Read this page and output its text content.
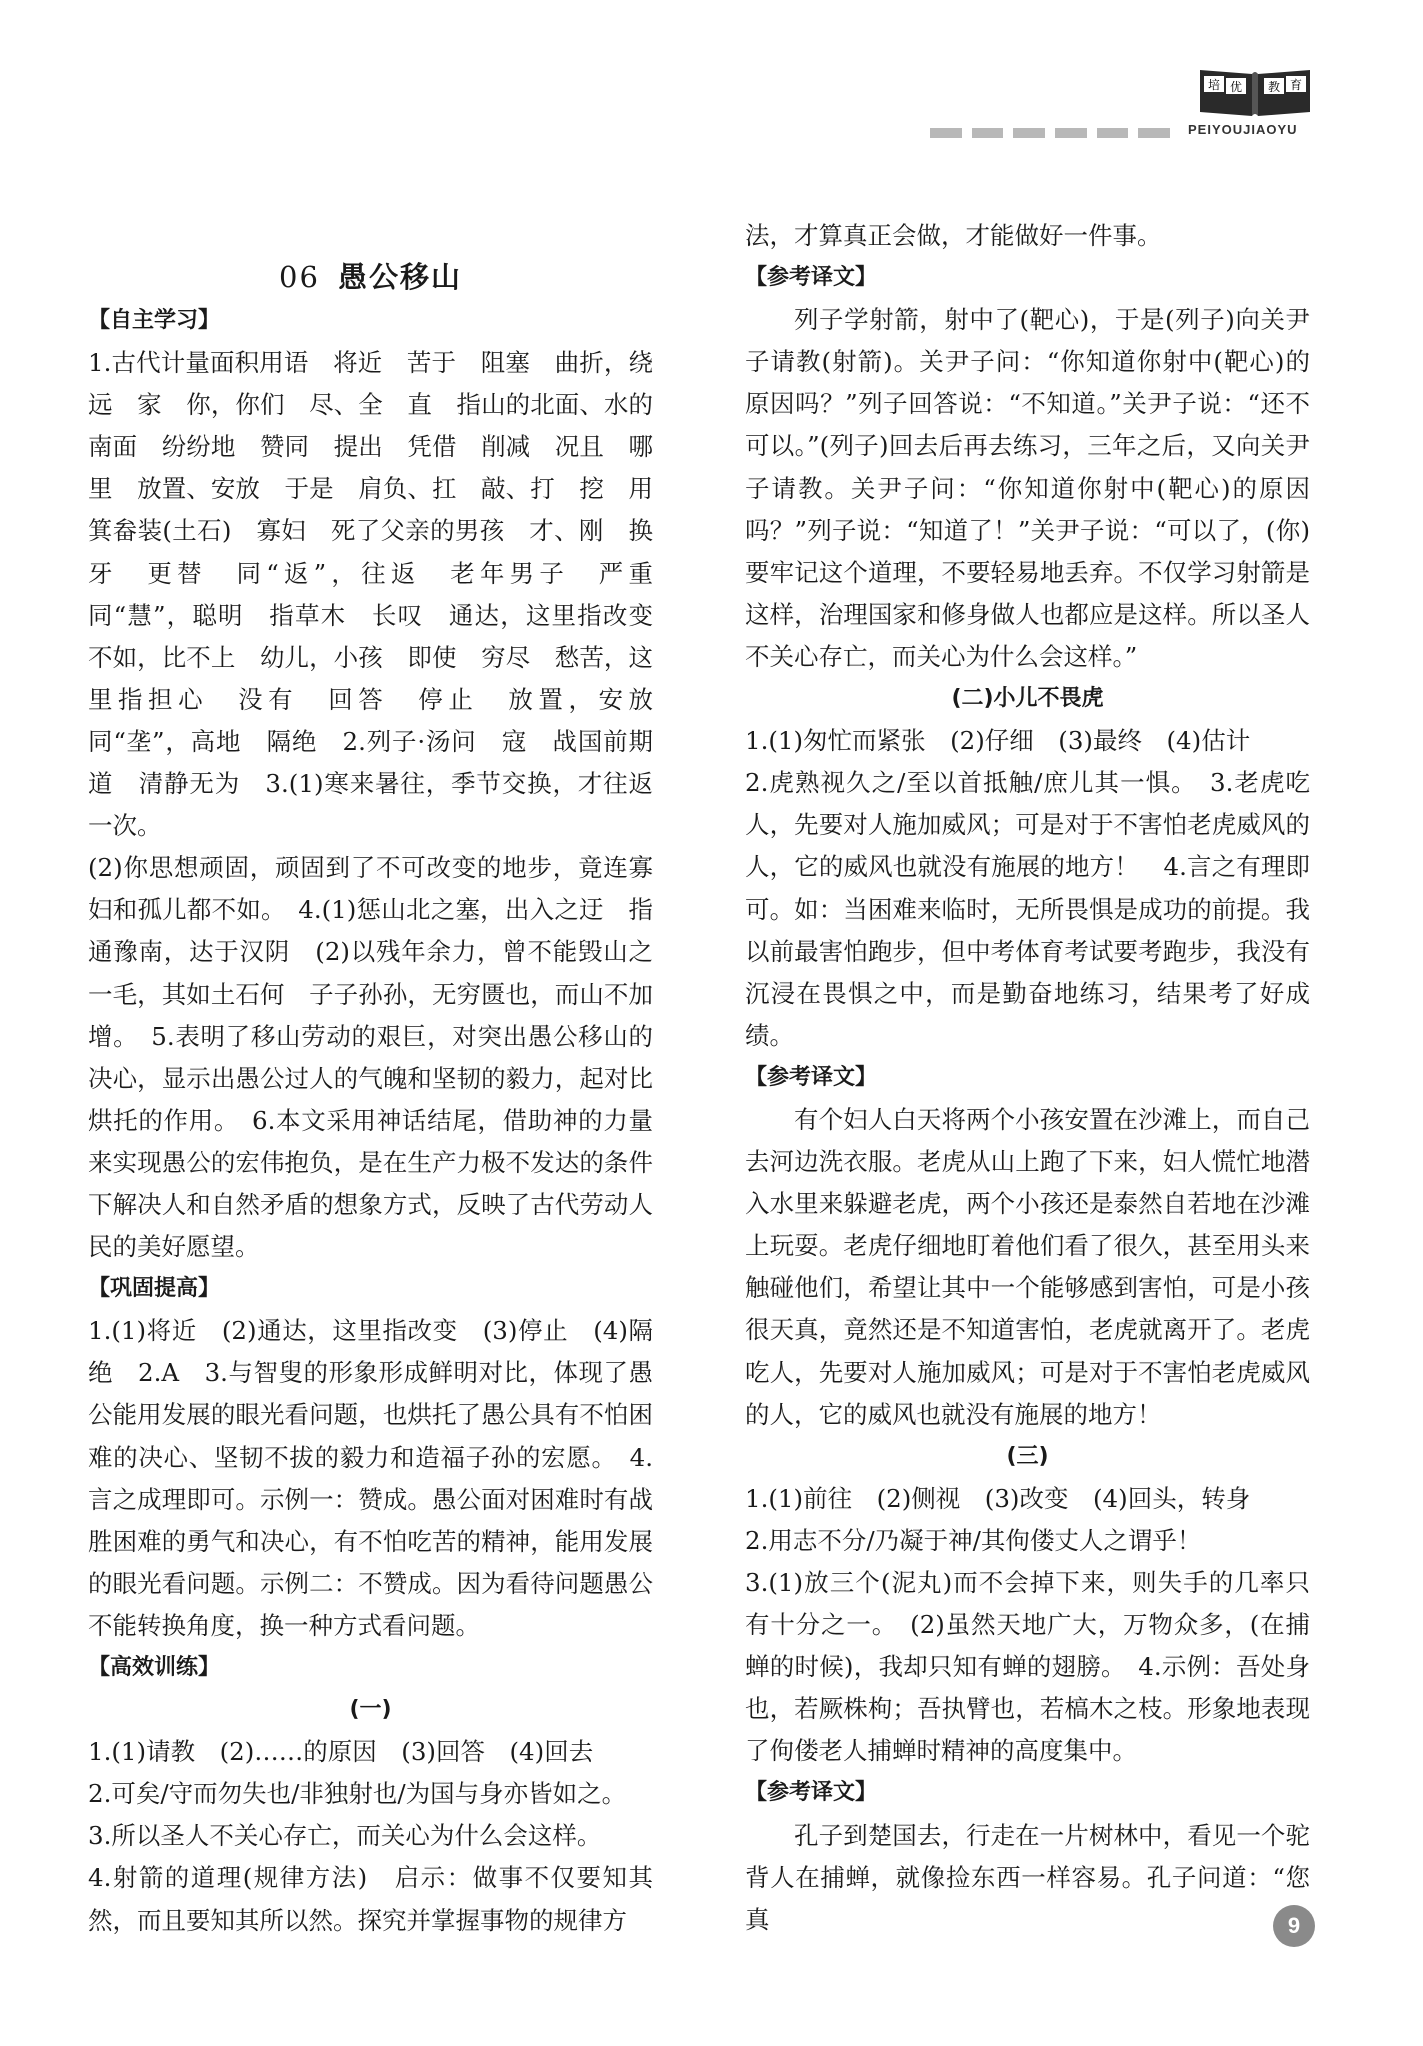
培 优 教 育
PEIYOUJIAOYU
06 愚公移山

【自主学习】

1.古代计量面积用语　将近　苦于　阻塞　曲折，绕远　家　你，你们　尽、全　直　指山的北面、水的南面　纷纷地　赞同　提出　凭借　削减　况且　哪里　放置、安放　于是　肩负、扛　敲、打　挖　用箕畚装(土石)　寡妇　死了父亲的男孩　才、刚　换牙　更替　同“返”，往返　老年男子　严重　同“慧”，聪明　指草木　长叹　通达，这里指改变　不如，比不上　幼儿，小孩　即使　穷尽　愁苦，这里指担心　没有　回答　停止　放置，安放　同“垄”，高地　隔绝　2.列子·汤问　寇　战国前期　道　清静无为　3.(1)寒来暑往，季节交换，才往返一次。

(2)你思想顽固，顽固到了不可改变的地步，竟连寡妇和孤儿都不如。　4.(1)惩山北之塞，出入之迂　指通豫南，达于汉阴　(2)以残年余力，曾不能毁山之一毛，其如土石何　子子孙孙，无穷匮也，而山不加增。　5.表明了移山劳动的艰巨，对突出愚公移山的决心，显示出愚公过人的气魄和坚韧的毅力，起对比烘托的作用。　6.本文采用神话结尾，借助神的力量来实现愚公的宏伟抱负，是在生产力极不发达的条件下解决人和自然矛盾的想象方式，反映了古代劳动人民的美好愿望。

【巩固提高】

1.(1)将近　(2)通达，这里指改变　(3)停止　(4)隔绝　2.A　3.与智叟的形象形成鲜明对比，体现了愚公能用发展的眼光看问题，也烘托了愚公具有不怕困难的决心、坚韧不拔的毅力和造福子孙的宏愿。　4.言之成理即可。示例一：赞成。愚公面对困难时有战胜困难的勇气和决心，有不怕吃苦的精神，能用发展的眼光看问题。示例二：不赞成。因为看待问题愚公不能转换角度，换一种方式看问题。

【高效训练】

(一)

1.(1)请教　(2)……的原因　(3)回答　(4)回去

2.可矣/守而勿失也/非独射也/为国与身亦皆如之。

3.所以圣人不关心存亡，而关心为什么会这样。

4.射箭的道理(规律方法)　启示：做事不仅要知其然，而且要知其所以然。探究并掌握事物的规律方

法，才算真正会做，才能做好一件事。

【参考译文】

列子学射箭，射中了(靶心)，于是(列子)向关尹子请教(射箭)。关尹子问：“你知道你射中(靶心)的原因吗？”列子回答说：“不知道。”关尹子说：“还不可以。”(列子)回去后再去练习，三年之后，又向关尹子请教。关尹子问：“你知道你射中(靶心)的原因吗？”列子说：“知道了！”关尹子说：“可以了，(你)要牢记这个道理，不要轻易地丢弃。不仅学习射箭是这样，治理国家和修身做人也都应是这样。所以圣人不关心存亡，而关心为什么会这样。”

(二)小儿不畏虎

1.(1)匆忙而紧张　(2)仔细　(3)最终　(4)估计

2.虎熟视久之/至以首抵触/庶儿其一惧。　3.老虎吃人，先要对人施加威风；可是对于不害怕老虎威风的人，它的威风也就没有施展的地方！　4.言之有理即可。如：当困难来临时，无所畏惧是成功的前提。我以前最害怕跑步，但中考体育考试要考跑步，我没有沉浸在畏惧之中，而是勤奋地练习，结果考了好成绩。

【参考译文】

有个妇人白天将两个小孩安置在沙滩上，而自己去河边洗衣服。老虎从山上跑了下来，妇人慌忙地潜入水里来躲避老虎，两个小孩还是泰然自若地在沙滩上玩耍。老虎仔细地盯着他们看了很久，甚至用头来触碰他们，希望让其中一个能够感到害怕，可是小孩很天真，竟然还是不知道害怕，老虎就离开了。老虎吃人，先要对人施加威风；可是对于不害怕老虎威风的人，它的威风也就没有施展的地方！

(三)

1.(1)前往　(2)侧视　(3)改变　(4)回头，转身

2.用志不分/乃凝于神/其佝偻丈人之谓乎！

3.(1)放三个(泥丸)而不会掉下来，则失手的几率只有十分之一。　(2)虽然天地广大，万物众多，(在捕蝉的时候)，我却只知有蝉的翅膀。　4.示例：吾处身也，若厥株枸；吾执臂也，若槁木之枝。形象地表现了佝偻老人捕蝉时精神的高度集中。

【参考译文】

孔子到楚国去，行走在一片树林中，看见一个驼背人在捕蝉，就像捡东西一样容易。孔子问道：“您真	9
